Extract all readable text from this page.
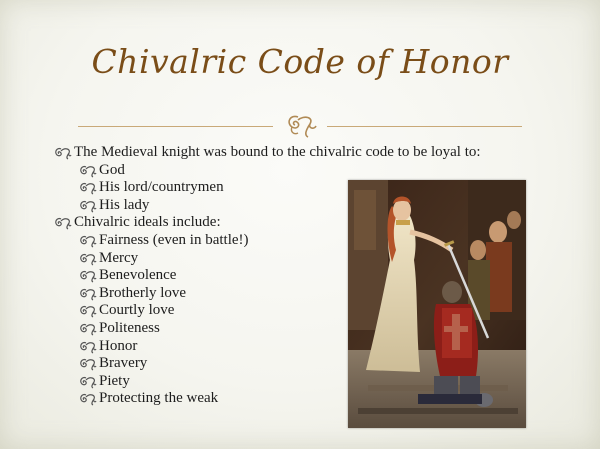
Chivalric Code of Honor
The Medieval knight was bound to the chivalric code to be loyal to:
God
His lord/countrymen
His lady
Chivalric ideals include:
Fairness (even in battle!)
Mercy
Benevolence
Brotherly love
Courtly love
Politeness
Honor
Bravery
Piety
Protecting the weak
